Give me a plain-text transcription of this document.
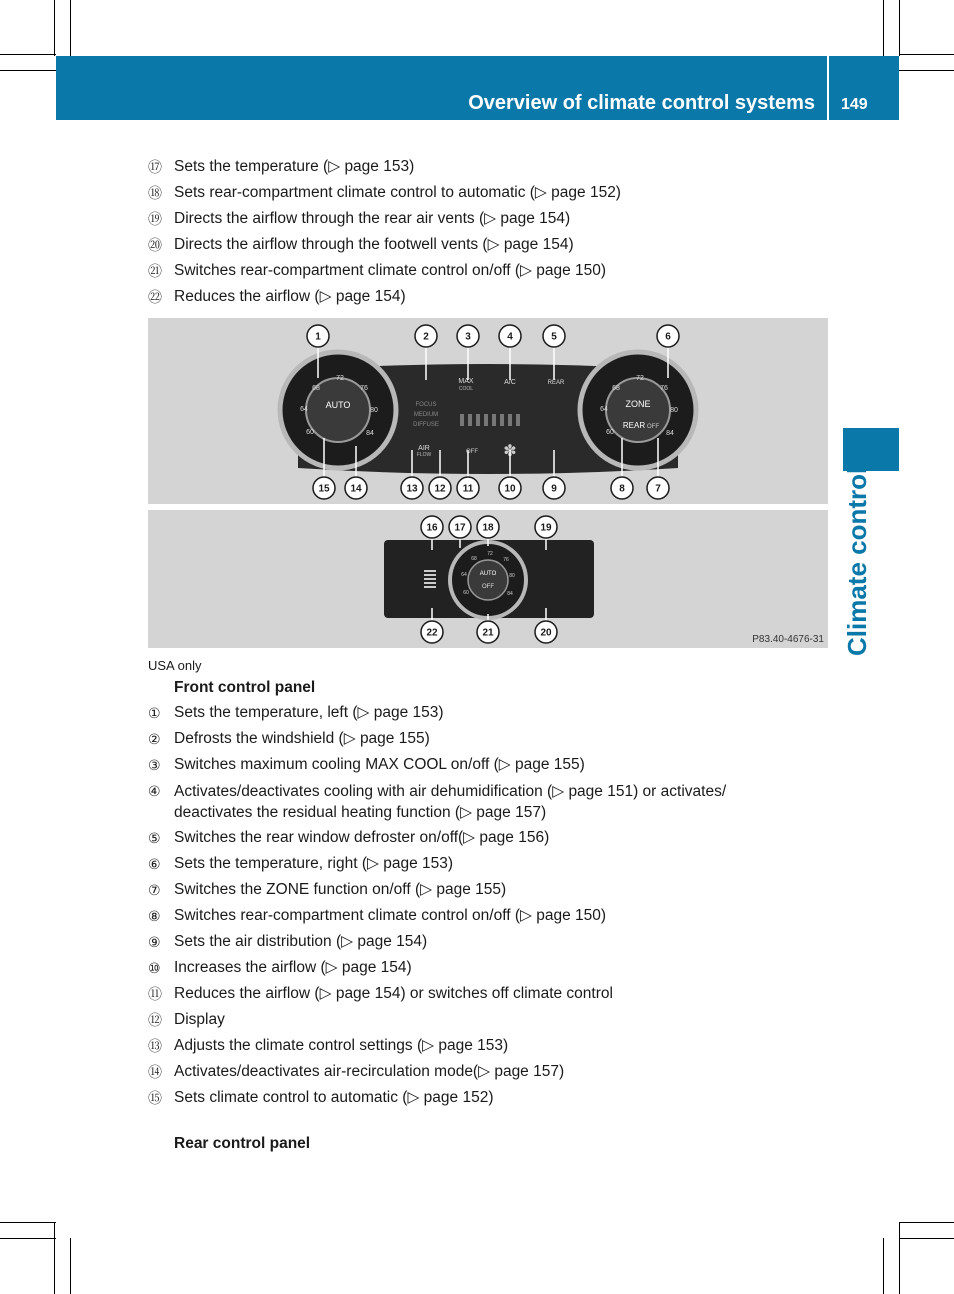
Overview of climate control systems 149
Climate control
⑰ Sets the temperature (▷ page 153)
⑱ Sets rear-compartment climate control to automatic (▷ page 152)
⑲ Directs the airflow through the rear air vents (▷ page 154)
⑳ Directs the airflow through the footwell vents (▷ page 154)
㉑ Switches rear-compartment climate control on/off (▷ page 150)
㉒ Reduces the airflow (▷ page 154)
AUTO
72
76
80
84
68
64
60
ZONE
REAR OFF
72
76
80
84
68
64
60
MAX
COOL
A/C	REAR
AIR
FLOW	OFF
FOCUS
MEDIUM
DIFFUSE
✽
AUTO
OFF
68
72
76
80
84
64
60
1	2	3	4	5	6
15 14	13 12 11	10	9	8	7
16 17 18	19
22	21	20
P83.40-4676-31
USA only
Front control panel
① Sets the temperature, left (▷ page 153)
② Defrosts the windshield (▷ page 155)
③ Switches maximum cooling MAX COOL on/off (▷ page 155)
④ Activates/deactivates cooling with air dehumidification (▷ page 151) or activates/
deactivates the residual heating function (▷ page 157)
⑤ Switches the rear window defroster on/off(▷ page 156)
⑥ Sets the temperature, right (▷ page 153)
⑦ Switches the ZONE function on/off (▷ page 155)
⑧ Switches rear-compartment climate control on/off (▷ page 150)
⑨ Sets the air distribution (▷ page 154)
⑩ Increases the airflow (▷ page 154)
⑪ Reduces the airflow (▷ page 154) or switches off climate control
⑫ Display
⑬ Adjusts the climate control settings (▷ page 153)
⑭ Activates/deactivates air-recirculation mode(▷ page 157)
⑮ Sets climate control to automatic (▷ page 152)
Rear control panel
